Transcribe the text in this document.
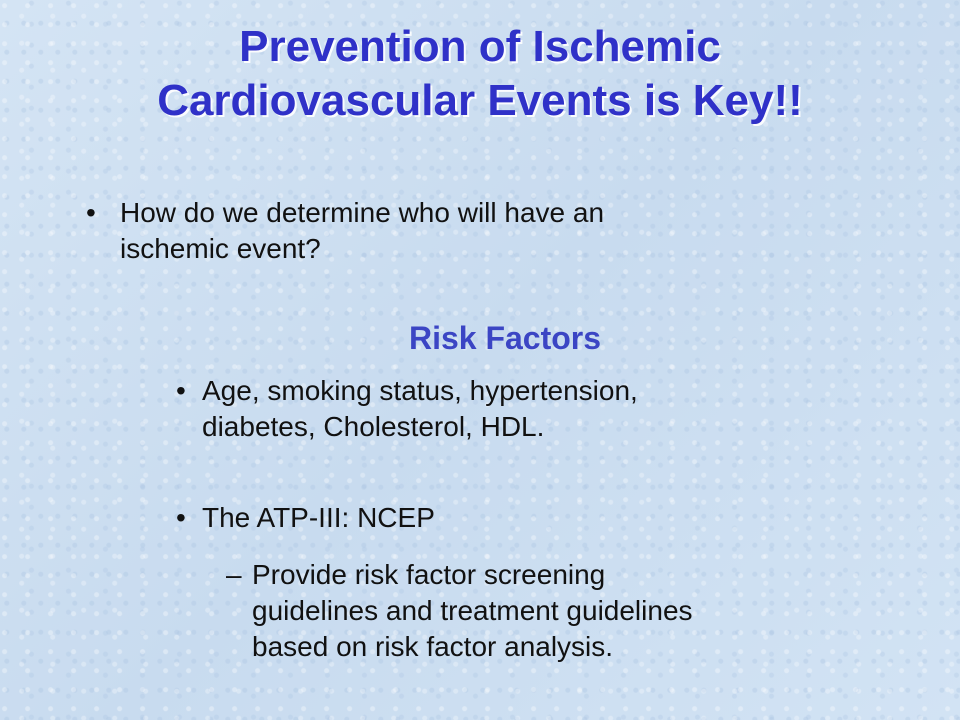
Prevention of Ischemic
Cardiovascular Events is Key!!
• How do we determine who will have an
ischemic event?
Risk Factors
• Age, smoking status, hypertension,
diabetes, Cholesterol, HDL.
• The ATP-III: NCEP
– Provide risk factor screening
guidelines and treatment guidelines
based on risk factor analysis.
